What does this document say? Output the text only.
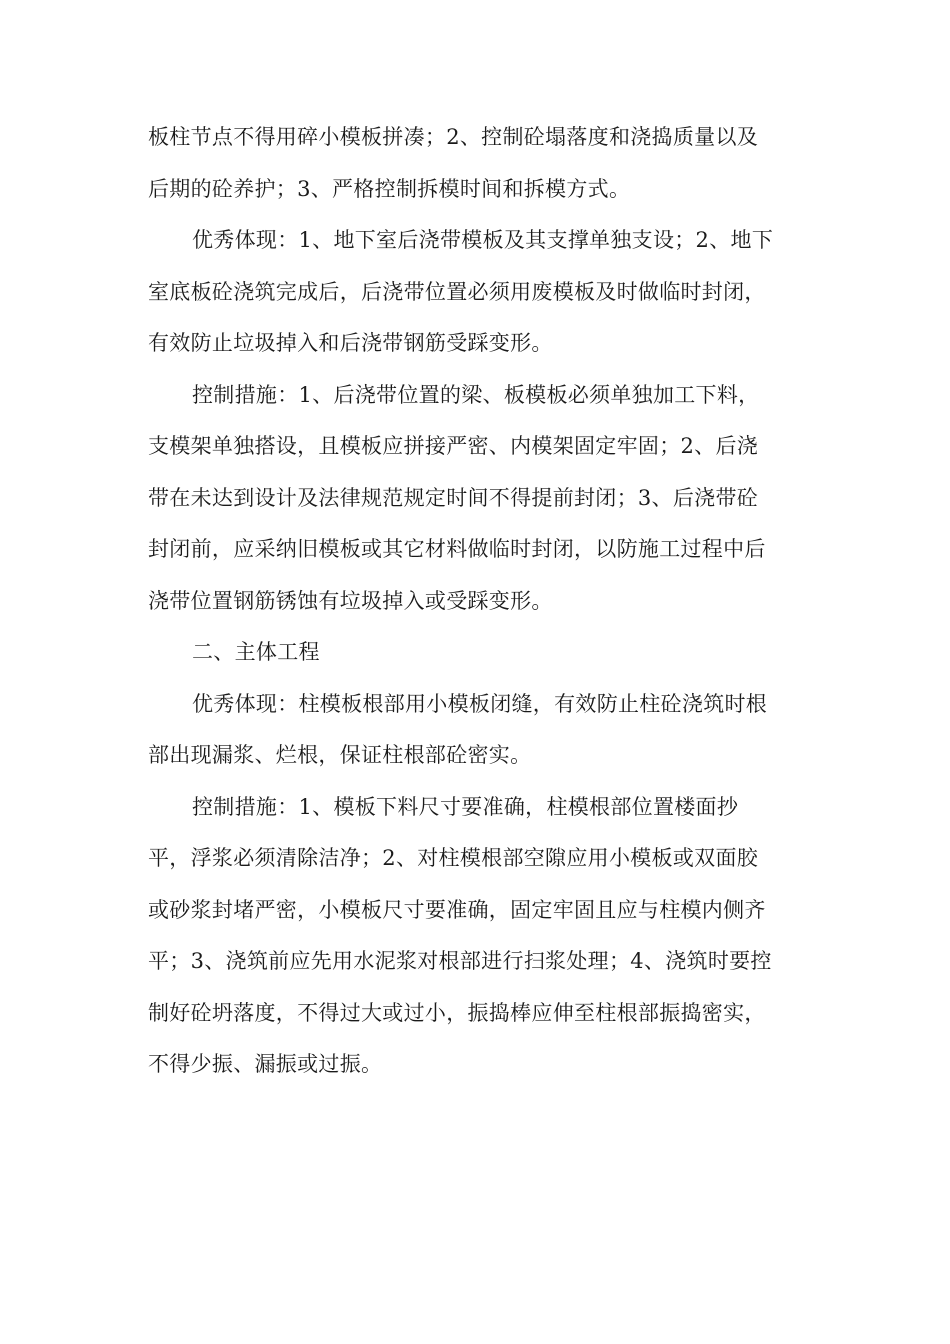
板柱节点不得用碎小模板拼凑；2、控制砼塌落度和浇捣质量以及
后期的砼养护；3、严格控制拆模时间和拆模方式。
优秀体现：1、地下室后浇带模板及其支撑单独支设；2、地下
室底板砼浇筑完成后，后浇带位置必须用废模板及时做临时封闭，
有效防止垃圾掉入和后浇带钢筋受踩变形。
控制措施：1、后浇带位置的梁、板模板必须单独加工下料，
支模架单独搭设，且模板应拼接严密、内模架固定牢固；2、后浇
带在未达到设计及法律规范规定时间不得提前封闭；3、后浇带砼
封闭前，应采纳旧模板或其它材料做临时封闭，以防施工过程中后
浇带位置钢筋锈蚀有垃圾掉入或受踩变形。
二、主体工程
优秀体现：柱模板根部用小模板闭缝，有效防止柱砼浇筑时根
部出现漏浆、烂根，保证柱根部砼密实。
控制措施：1、模板下料尺寸要准确，柱模根部位置楼面抄
平，浮浆必须清除洁净；2、对柱模根部空隙应用小模板或双面胶
或砂浆封堵严密，小模板尺寸要准确，固定牢固且应与柱模内侧齐
平；3、浇筑前应先用水泥浆对根部进行扫浆处理；4、浇筑时要控
制好砼坍落度，不得过大或过小，振捣棒应伸至柱根部振捣密实，
不得少振、漏振或过振。
